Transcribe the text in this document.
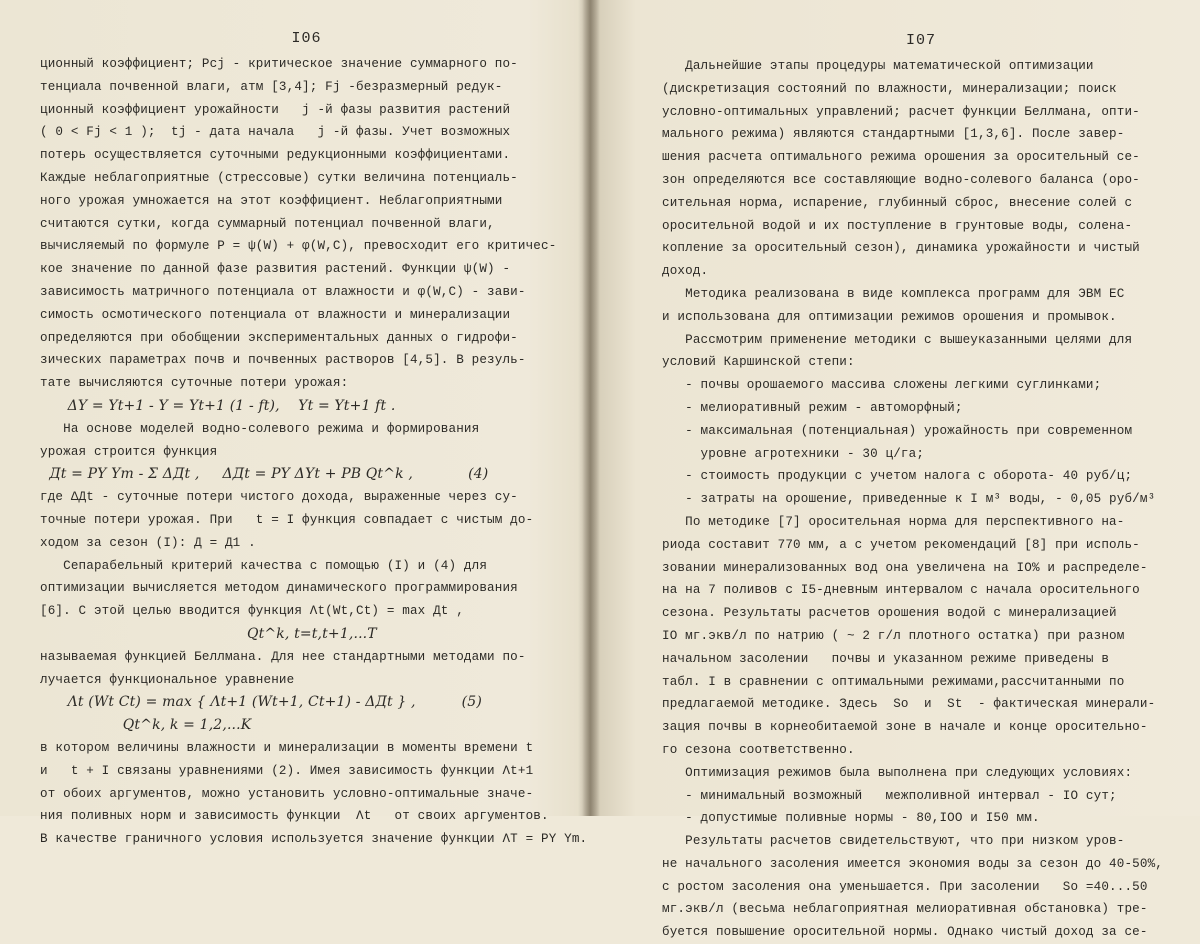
I06
ционный коэффициент; Pcj - критическое значение суммарного по-
тенциала почвенной влаги, атм [3,4]; Fj -безразмерный редук-
ционный коэффициент урожайности   j -й фазы развития растений
( 0 < Fj < 1 );  tj - дата начала   j -й фазы. Учет возможных
потерь осуществляется суточными редукционными коэффициентами.
Каждые неблагоприятные (стрессовые) сутки величина потенциаль-
ного урожая умножается на этот коэффициент. Неблагоприятными
считаются сутки, когда суммарный потенциал почвенной влаги,
вычисляемый по формуле P = ψ(W) + φ(W,C), превосходит его критичес-
кое значение по данной фазе развития растений. Функции ψ(W) -
зависимость матричного потенциала от влажности и φ(W,C) - зави-
симость осмотического потенциала от влажности и минерализации
определяются при обобщении экспериментальных данных о гидрофи-
зических параметрах почв и почвенных растворов [4,5]. В резуль-
тате вычисляются суточные потери урожая:
ΔY = Yt+1 - Y = Yt+1 (1 - ft),    Yt = Yt+1 ft .
На основе моделей водно-солевого режима и формирования
урожая строится функция
Дt = PY Ym - Σ ΔДt ,     ΔДt = PY ΔYt + PB Qt^k ,            (4)
где ΔДt - суточные потери чистого дохода, выраженные через су-
точные потери урожая. При   t = I функция совпадает с чистым до-
ходом за сезон (I): Д = Д1 .
Сепарабельный критерий качества с помощью (I) и (4) для
оптимизации вычисляется методом динамического программирования
[6]. С этой целью вводится функция Λt(Wt,Ct) = max Дt ,
Qt^k, t=t,t+1,...T
называемая функцией Беллмана. Для нее стандартными методами по-
лучается функциональное уравнение
Λt (Wt Ct) = max { Λt+1 (Wt+1, Ct+1) - ΔДt } ,          (5)
Qt^k, k = 1,2,...K
в котором величины влажности и минерализации в моменты времени t
и   t + I связаны уравнениями (2). Имея зависимость функции Λt+1
от обоих аргументов, можно установить условно-оптимальные значе-
ния поливных норм и зависимость функции  Λt   от своих аргументов.
В качестве граничного условия используется значение функции ΛT = PY Ym.
I07
Дальнейшие этапы процедуры математической оптимизации
(дискретизация состояний по влажности, минерализации; поиск
условно-оптимальных управлений; расчет функции Беллмана, опти-
мального режима) являются стандартными [1,3,6]. После завер-
шения расчета оптимального режима орошения за оросительный се-
зон определяются все составляющие водно-солевого баланса (оро-
сительная норма, испарение, глубинный сброс, внесение солей с
оросительной водой и их поступление в грунтовые воды, солена-
копление за оросительный сезон), динамика урожайности и чистый
доход.
Методика реализована в виде комплекса программ для ЭВМ ЕС
и использована для оптимизации режимов орошения и промывок.
Рассмотрим применение методики с вышеуказанными целями для
условий Каршинской степи:
- почвы орошаемого массива сложены легкими суглинками;
- мелиоративный режим - автоморфный;
- максимальная (потенциальная) урожайность при современном
уровне агротехники - 30 ц/га;
- стоимость продукции с учетом налога с оборота- 40 руб/ц;
- затраты на орошение, приведенные к I м³ воды, - 0,05 руб/м³
По методике [7] оросительная норма для перспективного на-
риода составит 770 мм, а с учетом рекомендаций [8] при исполь-
зовании минерализованных вод она увеличена на IO% и распределе-
на на 7 поливов с I5-дневным интервалом с начала оросительного
сезона. Результаты расчетов орошения водой с минерализацией
IO мг.экв/л по натрию ( ~ 2 г/л плотного остатка) при разном
начальном засолении   почвы и указанном режиме приведены в
табл. I в сравнении с оптимальными режимами,рассчитанными по
предлагаемой методике. Здесь  So  и  St  - фактическая минерали-
зация почвы в корнеобитаемой зоне в начале и конце оросительно-
го сезона соответственно.
Оптимизация режимов была выполнена при следующих условиях:
- минимальный возможный   межполивной интервал - IO сут;
- допустимые поливные нормы - 80,IOO и I50 мм.
Результаты расчетов свидетельствуют, что при низком уров-
не начального засоления имеется экономия воды за сезон до 40-50%,
с ростом засоления она уменьшается. При засолении   So =40...50
мг.экв/л (весьма неблагоприятная мелиоративная обстановка) тре-
буется повышение оросительной нормы. Однако чистый доход за се-
